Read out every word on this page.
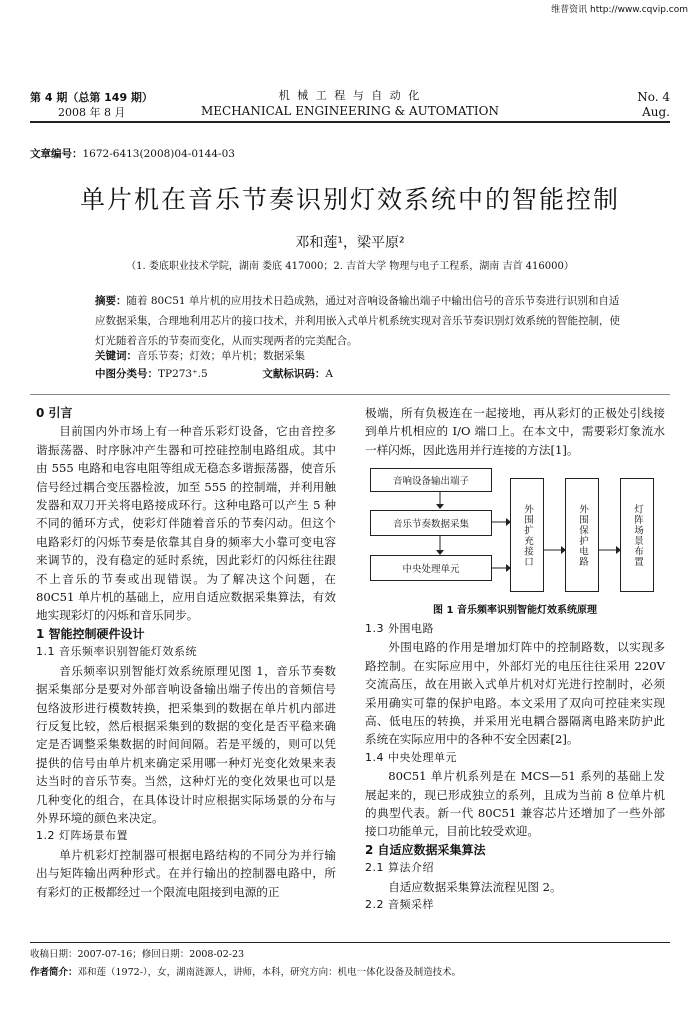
维普资讯 http://www.cqvip.com
第 4 期（总第 149 期）
2008 年 8 月
机 械 工 程 与 自 动 化
MECHANICAL ENGINEERING & AUTOMATION
No. 4
Aug.
文章编号：1672-6413(2008)04-0144-03
单片机在音乐节奏识别灯效系统中的智能控制
邓和莲¹，梁平原²
（1. 娄底职业技术学院，湖南 娄底 417000；2. 吉首大学 物理与电子工程系，湖南 吉首 416000）
摘要：随着 80C51 单片机的应用技术日趋成熟，通过对音响设备输出端子中输出信号的音乐节奏进行识别和自适应数据采集，合理地利用芯片的接口技术，并利用嵌入式单片机系统实现对音乐节奏识别灯效系统的智能控制，使灯光随着音乐的节奏而变化，从而实现两者的完美配合。
关键词：音乐节奏；灯效；单片机；数据采集
中图分类号：TP273⁺.5	文献标识码：A

0 引言

目前国内外市场上有一种音乐彩灯设备，它由音控多谐振荡器、时序脉冲产生器和可控硅控制电路组成。其中由 555 电路和电容电阻等组成无稳态多谐振荡器，使音乐信号经过耦合变压器检波，加至 555 的控制端，并利用触发器和双刀开关将电路接成环行。这种电路可以产生 5 种不同的循环方式，使彩灯伴随着音乐的节奏闪动。但这个电路彩灯的闪烁节奏是依靠其自身的频率大小靠可变电容来调节的，没有稳定的延时系统，因此彩灯的闪烁往往跟不上音乐的节奏或出现错误。为了解决这个问题，在 80C51 单片机的基础上，应用自适应数据采集算法，有效地实现彩灯的闪烁和音乐同步。

1 智能控制硬件设计

1.1 音乐频率识别智能灯效系统

音乐频率识别智能灯效系统原理见图 1，音乐节奏数据采集部分是要对外部音响设备输出端子传出的音频信号包络波形进行模数转换，把采集到的数据在单片机内部进行反复比较，然后根据采集到的数据的变化是否平稳来确定是否调整采集数据的时间间隔。若是平缓的，则可以凭提供的信号由单片机来确定采用哪一种灯光变化效果来表达当时的音乐节奏。当然，这种灯光的变化效果也可以是几种变化的组合，在具体设计时应根据实际场景的分布与外界环境的颜色来决定。

1.2 灯阵场景布置

单片机彩灯控制器可根据电路结构的不同分为并行输出与矩阵输出两种形式。在并行输出的控制器电路中，所有彩灯的正极都经过一个限流电阻接到电源的正

极端，所有负极连在一起接地，再从彩灯的正极处引线接到单片机相应的 I/O 端口上。在本文中，需要彩灯象流水一样闪烁，因此选用并行连接的方法[1]。

音响设备输出端子
音乐节奏数据采集
中央处理单元
外围扩充接口	外围保护电路	灯阵场景布置
图 1 音乐频率识别智能灯效系统原理

1.3 外围电路

外围电路的作用是增加灯阵中的控制路数，以实现多路控制。在实际应用中，外部灯光的电压往往采用 220V 交流高压，故在用嵌入式单片机对灯光进行控制时，必须采用确实可靠的保护电路。本文采用了双向可控硅来实现高、低电压的转换，并采用光电耦合器隔离电路来防护此系统在实际应用中的各种不安全因素[2]。

1.4 中央处理单元

80C51 单片机系列是在 MCS—51 系列的基础上发展起来的，现已形成独立的系列，且成为当前 8 位单片机的典型代表。新一代 80C51 兼容芯片还增加了一些外部接口功能单元，目前比较受欢迎。

2 自适应数据采集算法

2.1 算法介绍

自适应数据采集算法流程见图 2。

2.2 音频采样

收稿日期：2007-07-16；修回日期：2008-02-23
作者简介：邓和莲（1972-），女，湖南涟源人，讲师，本科，研究方向：机电一体化设备及制造技术。
